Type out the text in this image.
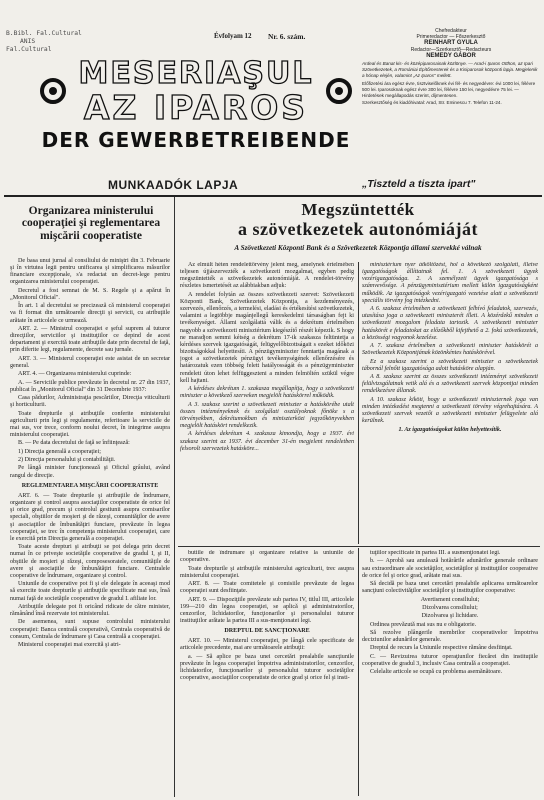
B.Bibl. Fal.Cultural
ANIS
Fal.Cultural
Évfolyam 12 Nr. 6. szám.
Chefredakteur
Primeredactor — Főszerkesztő
REINHART GYULA
Redactor—Szerkesztő—Redacteurs
NEMEDY GÁBOR
Ardeal és Banat kis- és középiparosainak közlönye. — Arad-i Iparos Otthon, az Ipari Szövetkezetek, a Romániai Építőmesterek és a Kisiparosok központi lapja. Megjelenik a hónap elején, valamint „Az Iparos" mellett.
Előfizetési ára egész évre, tisztviselőknek évi fél- és negyedévre: évi 1000 lei, félévre 500 lei. Iparosoknak egész évre 300 lei, félévre 150 lei, negyedévre 75 lei. — Hirdetések megállapodás szerint, díjmentesen.
Szerkesztőség és kiadóhivatal: Arad, Str. Eminescu 7. Telefon 11-24.
MESERIAŞUL
AZ IPAROS
DER GEWERBETREIBENDE
MUNKAADÓK LAPJA	„Tiszteld a tiszta ipart"
Organizarea ministerului cooperaţiei şi reglementarea mişcării cooperatiste

De basa unui jurnal al consiliului de miniştri din 3. Februarie şi în virtutea legii pentru unificarea şi simplificarea măsurilor financiare excepţionale, s'a redactat un decret-lege pentru organizarea ministerului cooperaţiei.

Decretul a fost semnat de M. S. Regele şi a apărut în „Monitorul Oficial".

În art. 1 al decretului se precizează că ministerul cooperaţiei va fi format din următoarele direcţii şi servicii, cu atribuţiile arătate în articolele ce urmează.

ART. 2. — Ministrul cooperaţiei e şeful suprem al tuturor direcţiilor, serviciilor şi instituţiilor ce depind de acest departament şi exercită toate atribuţiile date prin decretul de faţă, prin diferite legi, regulamente, decrete sau jurnale.

ART. 3. — Ministerul cooperaţiei este asistat de un secretar general.

ART. 4. — Organizarea ministerului cuprinde:

A. — Serviciile publice prevăzute în decretul nr. 27 din 1937, publicat în „Monitorul Oficial" din 31 Decembrie 1937:

Casa pădurilor, Administraţia pescăriilor, Direcţia viticulturii şi horticulturii.

Toate drepturile şi atribuţiile conferite ministerului agriculturii prin legi şi regulamente, referitoare la serviciile de mai sus, vor trece, conform noului decret, în integrime asupra ministerului cooperaţiei.

B. — Pe data decretului de faţă se înfiinţează:

1) Direcţia generală a cooperaţiei;

2) Direcţia personalului şi contabilităţii.

Pe lângă minister funcţionează şi Oficiul grâului, având rangul de direcţie.

REGLEMENTAREA MIŞCĂRII COOPERATISTE

ART. 6. — Toate drepturile şi atribuţiile de îndrumare, organizare şi control asupra asociaţiilor cooperatiste de orice fel şi orice grad, precum şi controlul gestiunii asupra comisarilor speciali, obştiilor de moşieri şi de răzeşi, comunităţilor de avere şi asociaţiilor de îmbunătăţiri funciare, prevăzute în legea cooperaţiei, se trec în competenţa ministerului cooperaţiei, care le exercită prin Direcţia generală a cooperaţiei.

Toate aceste drepturi şi atribuţii se pot delega prin decret numai în ce priveşte societăţile cooperative de gradul I, şi II, obştiile de moşieri şi răzeşi, composesoratele, comunităţile de avere şi asociaţiile de îmbunătăţiri funciare. Centralele cooperative de îndrumare, organizare şi control.

Uniunile de cooperative pot fi şi ele delegate în aceeaşi mod să exercite toate drepturile şi atribuţiile specificate mai sus, însă numai faţă de societăţile cooperative de gradul I. afiliate lor.

Atribuţiile delegate pot fi oricând ridicate de către minister, rămânând însă rezervate tot ministerului.

De asemenea, sunt supuse controlului ministerului cooperaţiei: Banca centrală cooperativă, Centrala cooperativă de consum, Centrala de îndrumare şi Casa centrală a cooperaţiei.

Ministerul cooperaţiei mai exercită şi atri-

Megszüntették
a szövetkezetek autonómiáját
A Szövetkezeti Központi Bank és a Szövetkezetek Központja állami szervekké válnak

Az elmúlt héten rendelettörvény jelent meg, amelynek értelmében teljesen újjászervezték a szövetkezeti mozgalmat, egyben pedig megszüntették a szövetkezetek autonómiáját. A rendelet-törvény részletes ismertetését az alábbiakban adjuk:

A rendelet folytán az összes szövetkezeti szervet: Szövetkezeti Központi Bank, Szövetkezetek Központja, a kezdeményezés, szervezés, ellenőrzés, a termelési, eladási és értékesítési szövetkezetek, valamint a legtöbbje magánjellegű kereskedelmi társaságban fejt ki tevékenységet. Állami szolgálattá válik és a dekrétum értelmében nagyobb a szövetkezeti minisztérium kiegészítő részét képezik. S hogy ne maradjon semmi kétség a dekrétum 17-ik szakasza feltüntetja a kérdéses szervek igazgatóságát, felügyelőbizottságait s ezeket időközi bizottságokkal helyettesíti. A pénzügyminiszter fenntartja magának a jogot a szövetkezetek pénzügyi tevékenységének ellenőrzésére és határozatuk ezen többség felett hatályosságát és a pénzügyminiszter rendeleti úton lehet felfüggeszteni a minden felmöltén szükül végre kell hajtani.

A kérdéses dekrétum 1. szakasza megállapítja, hogy a szövetkezeti miniszter a következő szerveken megjelölt hatáskörrel működik.

A 3. szakasz szerint a szövetkezeti miniszter a hatáskörébe utalt összes intézményeknek és szolgálati osztályoknak főnöke s a törvényekben, dekrétumokban és miniszterközi jegyzőkönyvekben megjelölt hatáskört rendelkezik.

A kérdéses dekrétum 4. szakasza kimondja, hogy a 1937. évi szakasz szerint az 1937. évi december 31-én megjelent rendeletben felsorolt szervezetek hatásköre...

minisztérium nyer átköltözést, hol a következő szolgálati, illetve igazgatóságok állíttatnak fel. 1. A szövetkezeti ügyek vezérigazgatósága. 2. A személyzeti ügyek igazgatósága s számvevősége. A pénzügyminisztérium mellett külön igazgatóságként működik. Az igazgatóságok vezérigazgató vezetése alatt a szövetkezeti speciális törvény fog intézkedni.

A 6. szakasz értelmében a szövetkezeti felhívó feladatok, szervezés, utasítása joga a szövetkezeti miniszterét illeti. A közérdekű minden a szövetkezeti mozgalom feladata tartozik. A szövetkezeti miniszter hatáskörét e feladatokat az előzőkből kifejthető a 2. fokú szövetkezetek, a közösségi vagyonok kezelése.

A 7. szakasz értelmében a szövetkezeti miniszter hatáskörét a Szövetkezetek Központjának közönkéntes hatáskörével.

Ez a szakasz szerint a szövetkezeti miniszter a szövetkezetek tábornál felnőtt igazgatósága adott hatásköre alapján.

A 8. szakasz szerint az összes szövetkezeti intézményt szövetkezeti felülvizsgálatnak vetik alá és a szövetkezeti szervek központjai minden rendelkezésre állanak.

A 10. szakasz kiköti, hogy a szövetkezeti miniszternek joga van minden intézkedést megtenni a szövetkezeti törvény végrehajtására. A szövetkezeti szervek vezetői a szövetkezeti miniszter felügyelete alá kerülnek.

1. Az igazgatóságokat külön helyettesítik.

butiile de îndrumare şi organizare relative la uniunile de cooperative.

Toate drepturile şi atribuţiile ministerului agriculturii, trec asupra ministerului cooperaţiei.

ART. 8. — Toate comitetele şi comisiile prevăzute de legea cooperaţiei sunt desfiinţate.

ART. 9. — Dispoziţiile prevăzute sub partea IV, titlul III, articolele 199—210 din legea cooperaţiei, se aplică şi administratorilor, cenzorilor, lichidatorilor, funcţionarilor şi personalului tuturor instituţiilor arătate la partea III a sus-menţionatei legi.

DREPTUL DE SANCŢIONARE

ART. 10. — Ministerul cooperaţiei, pe lângă cele specificate de articolele precedente, mai are următoarele atribuţii:

a. — Să aplice pe baza unei cercetări prealabile sancţiunile prevăzute în legea cooperaţiei împotriva administratorilor, cenzorilor, lichidatorilor, funcţionarilor şi personalului tuturor societăţilor cooperative, asociaţiilor cooperatiste de orice grad şi orice fel şi insti-

tuţiilor specificate în partea III. a susmenţionatei legi.

b. — Aprobă sau anulează hotărârile adunărilor generale ordinare sau extraordinare ale societăţilor, societăţilor şi instituţiilor cooperative de orice fel şi orice grad, arătate mai sus.

Să decidă pe baza unei cercetări prealabile aplicarea următoarelor sancţiuni colectivităţilor societăţilor şi instituţiilor cooperative:

Avertisment consiliului;

Dizolvarea consiliului;

Dizolvarea şi lichidare.

Ordinea prevăzută mai sus nu e obligatorie.

Să rezolve plângerile membrilor cooperativelor împotriva deciziunilor adunărilor generale.

Dreptul de recurs la Uniunile respective rămâne desfiinţat.

C. — Revizuirea tuturor operaţiunilor fiecărei din instituţiile cooperative de gradul 3, inclusiv Casa centrală a cooperaţiei.

Celelalte articole se ocupă cu problema asemănătoare.
